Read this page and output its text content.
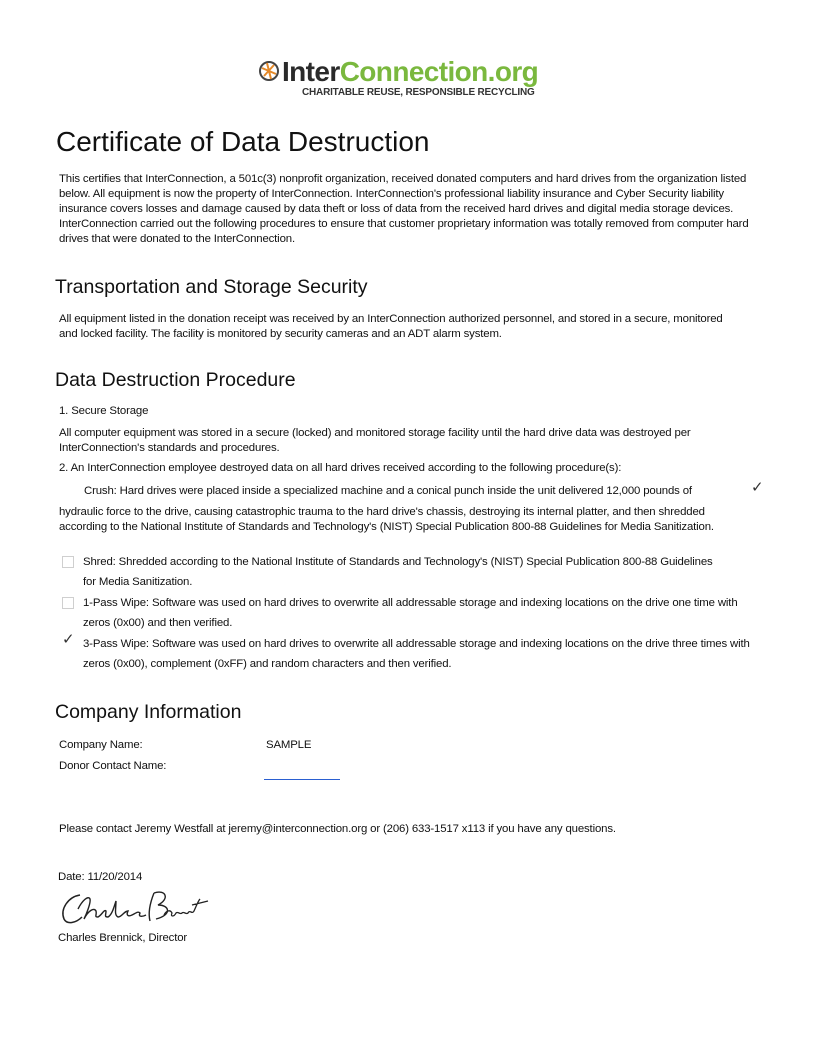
InterConnection.org
CHARITABLE REUSE, RESPONSIBLE RECYCLING
Certificate of Data Destruction

This certifies that InterConnection, a 501c(3) nonprofit organization, received donated computers and hard drives from the organization listed below. All equipment is now the property of InterConnection. InterConnection's professional liability insurance and Cyber Security liability insurance covers losses and damage caused by data theft or loss of data from the received hard drives and digital media storage devices. InterConnection carried out the following procedures to ensure that customer proprietary information was totally removed from computer hard drives that were donated to the InterConnection.

Transportation and Storage Security

All equipment listed in the donation receipt was received by an InterConnection authorized personnel, and stored in a secure, monitored and locked facility. The facility is monitored by security cameras and an ADT alarm system.

Data Destruction Procedure
1. Secure Storage

All computer equipment was stored in a secure (locked) and monitored storage facility until the hard drive data was destroyed per InterConnection's standards and procedures.

2. An InterConnection employee destroyed data on all hard drives received according to the following procedure(s):
Crush: Hard drives were placed inside a specialized machine and a conical punch inside the unit delivered 12,000 pounds of	✓

hydraulic force to the drive, causing catastrophic trauma to the hard drive's chassis, destroying its internal platter, and then shredded according to the National Institute of Standards and Technology's (NIST) Special Publication 800-88 Guidelines for Media Sanitization.

Shred: Shredded according to the National Institute of Standards and Technology's (NIST) Special Publication 800-88 Guidelines for Media Sanitization.

1-Pass Wipe: Software was used on hard drives to overwrite all addressable storage and indexing locations on the drive one time with zeros (0x00) and then verified.

✓ 3-Pass Wipe: Software was used on hard drives to overwrite all addressable storage and indexing locations on the drive three times with zeros (0x00), complement (0xFF) and random characters and then verified.

Company Information
Company Name:	SAMPLE
Donor Contact Name:
Please contact Jeremy Westfall at jeremy@interconnection.org or (206) 633-1517 x113 if you have any questions.
Date: 11/20/2014
Charles Brennick, Director
